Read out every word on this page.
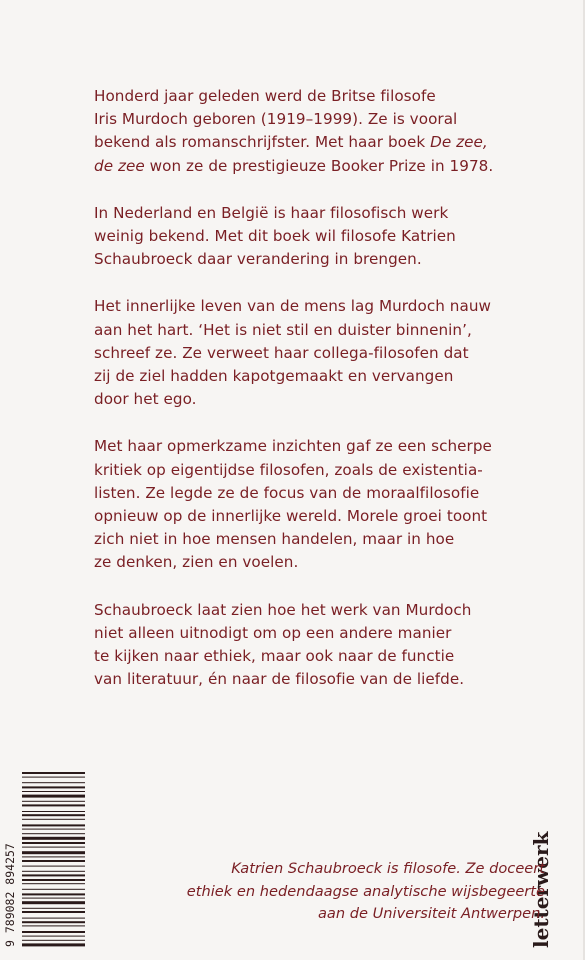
Honderd jaar geleden werd de Britse filosofe
Iris Murdoch geboren (1919–1999). Ze is vooral
bekend als romanschrijfster. Met haar boek De zee,
de zee won ze de prestigieuze Booker Prize in 1978.

In Nederland en België is haar filosofisch werk
weinig bekend. Met dit boek wil filosofe Katrien
Schaubroeck daar verandering in brengen.

Het innerlijke leven van de mens lag Murdoch nauw
aan het hart. ‘Het is niet stil en duister binnenin’,
schreef ze. Ze verweet haar collega-filosofen dat
zij de ziel hadden kapotgemaakt en vervangen
door het ego.

Met haar opmerkzame inzichten gaf ze een scherpe
kritiek op eigentijdse filosofen, zoals de existentia-
listen. Ze legde ze de focus van de moraalfilosofie
opnieuw op de innerlijke wereld. Morele groei toont
zich niet in hoe mensen handelen, maar in hoe
ze denken, zien en voelen.

Schaubroeck laat zien hoe het werk van Murdoch
niet alleen uitnodigt om op een andere manier
te kijken naar ethiek, maar ook naar de functie
van literatuur, én naar de filosofie van de liefde.

9 789082 894257	letterwerk
Katrien Schaubroeck is filosofe. Ze doceert
ethiek en hedendaagse analytische wijsbegeerte
aan de Universiteit Antwerpen.
